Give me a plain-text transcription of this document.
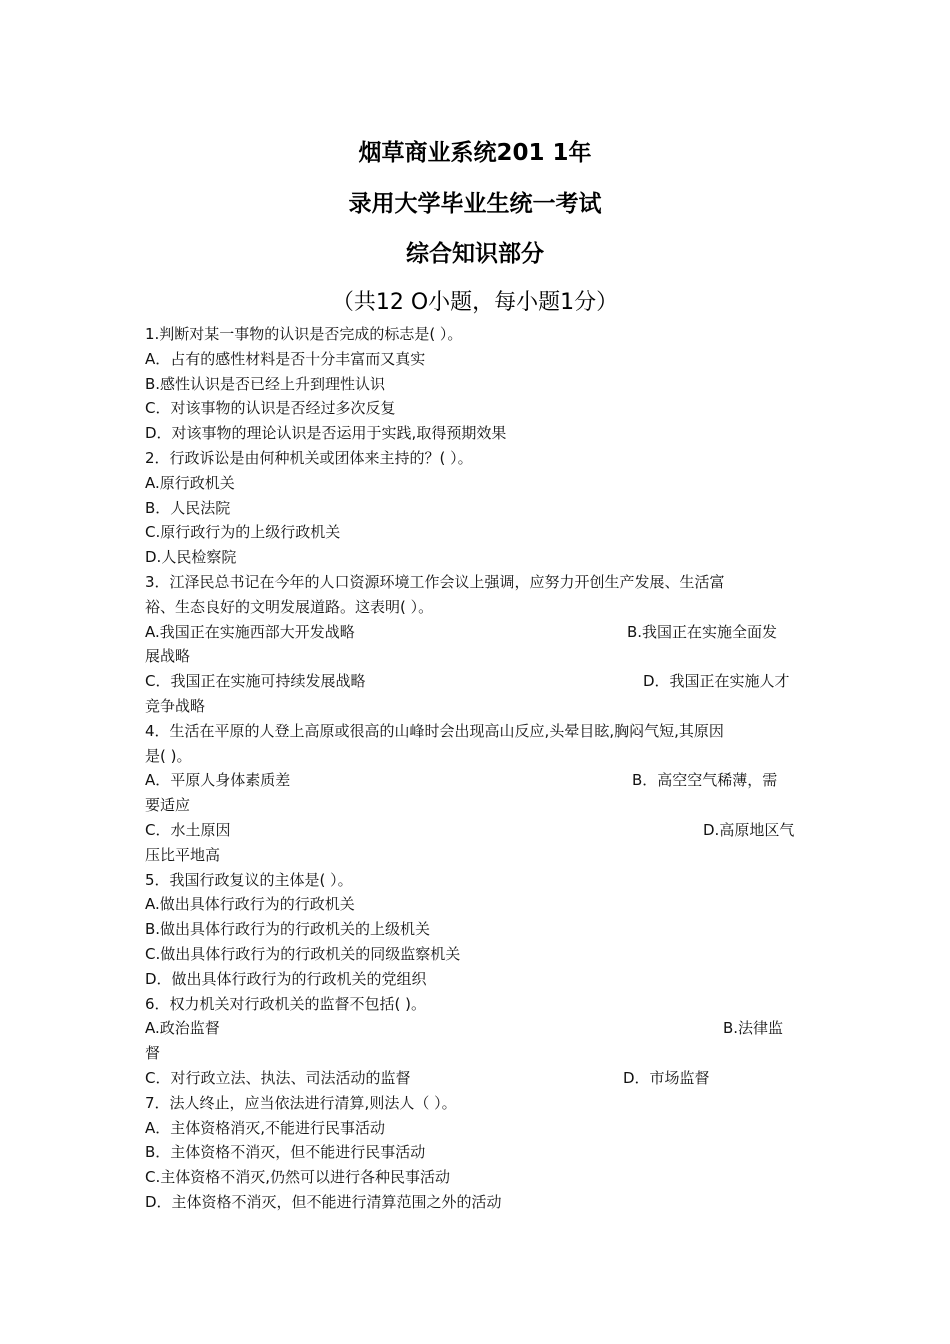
烟草商业系统201 1年
录用大学毕业生统一考试
综合知识部分
（共12 O小题，每小题1分）
1.判断对某一事物的认识是否完成的标志是( ）。
A．占有的感性材料是否十分丰富而又真实
B.感性认识是否已经上升到理性认识
C．对该事物的认识是否经过多次反复
D．对该事物的理论认识是否运用于实践,取得预期效果
2．行政诉讼是由何种机关或团体来主持的？( ）。
A.原行政机关
B．人民法院
C.原行政行为的上级行政机关
D.人民检察院
3．江泽民总书记在今年的人口资源环境工作会议上强调，应努力开创生产发展、生活富
裕、生态良好的文明发展道路。这表明( ）。
A.我国正在实施西部大开发战略	B.我国正在实施全面发
展战略
C．我国正在实施可持续发展战略	D．我国正在实施人才
竞争战略
4．生活在平原的人登上高原或很高的山峰时会出现高山反应,头晕目眩,胸闷气短,其原因
是( )。
A．平原人身体素质差	B．高空空气稀薄，需
要适应
C．水土原因	D.高原地区气
压比平地高
5．我国行政复议的主体是( ）。
A.做出具体行政行为的行政机关
B.做出具体行政行为的行政机关的上级机关
C.做出具体行政行为的行政机关的同级监察机关
D．做出具体行政行为的行政机关的党组织
6．权力机关对行政机关的监督不包括( )。
A.政治监督	B.法律监
督
C．对行政立法、执法、司法活动的监督	D．市场监督
7．法人终止，应当依法进行清算,则法人（ ）。
A．主体资格消灭,不能进行民事活动
B．主体资格不消灭，但不能进行民事活动
C.主体资格不消灭,仍然可以进行各种民事活动
D．主体资格不消灭，但不能进行清算范围之外的活动
